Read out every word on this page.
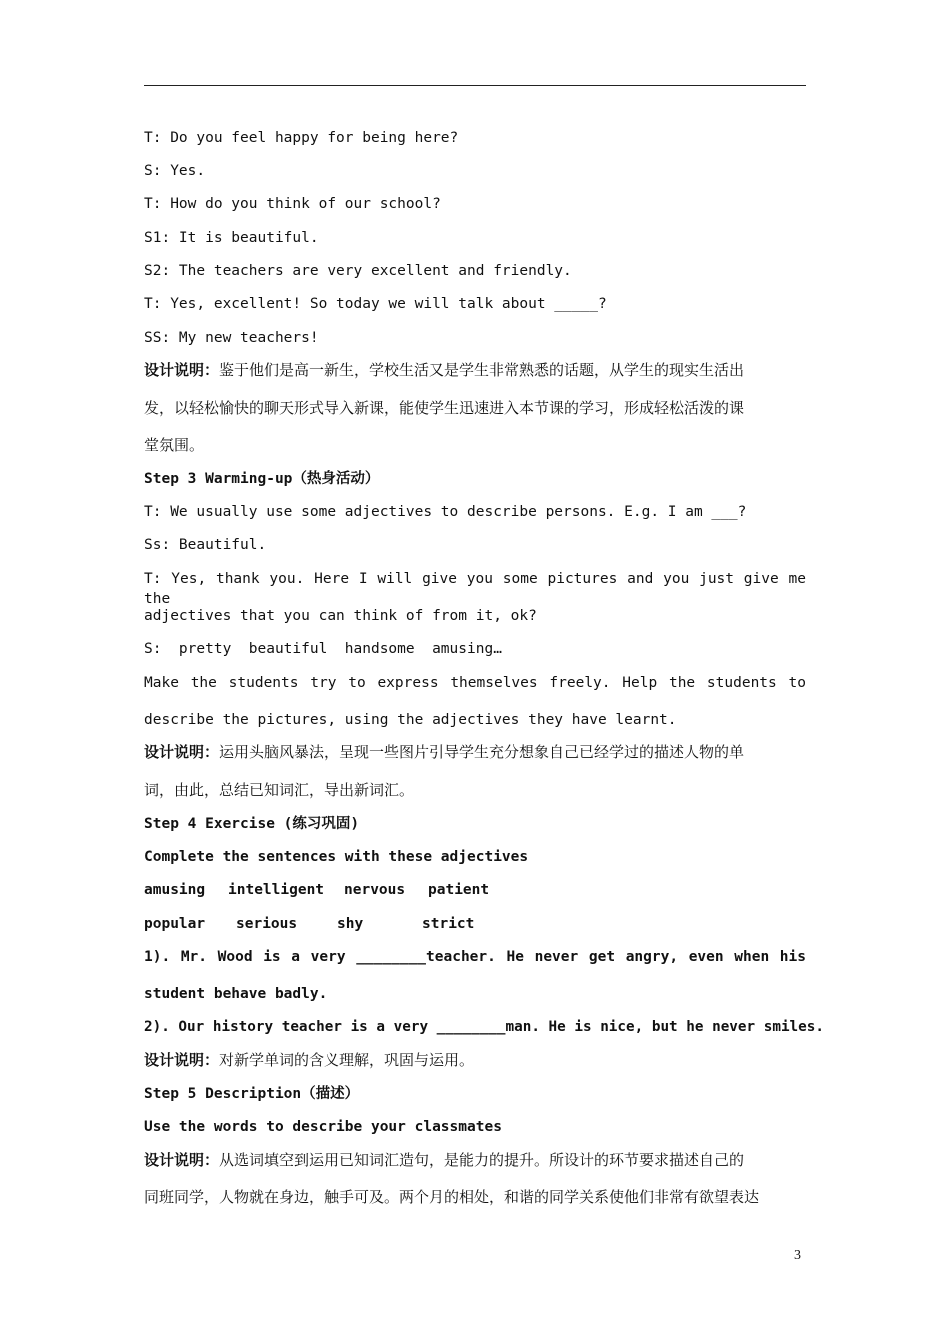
T: Do you feel happy for being here?
S: Yes.
T: How do you think of our school?
S1: It is beautiful.
S2: The teachers are very excellent and friendly.
T: Yes, excellent! So today we will talk about _____?
SS: My new teachers!
设计说明：鉴于他们是高一新生，学校生活又是学生非常熟悉的话题，从学生的现实生活出
发，以轻松愉快的聊天形式导入新课，能使学生迅速进入本节课的学习，形成轻松活泼的课
堂氛围。
Step 3 Warming-up（热身活动）
T: We usually use some adjectives to describe persons. E.g. I am ___?
Ss: Beautiful.
T: Yes, thank you. Here I will give you some pictures and you just give me the
adjectives that you can think of from it, ok?
S:  pretty  beautiful  handsome  amusing…
Make the students try to express themselves freely. Help the students to
describe the pictures, using the adjectives they have learnt.
设计说明：运用头脑风暴法，呈现一些图片引导学生充分想象自己已经学过的描述人物的单
词，由此，总结已知词汇，导出新词汇。
Step 4 Exercise (练习巩固)
Complete the sentences with these adjectives
amusing intelligent nervous patient
popular serious	shy	strict
1). Mr. Wood is a very ________teacher. He never get angry, even when his
student behave badly.
2). Our history teacher is a very ________man. He is nice, but he never smiles.
设计说明：对新学单词的含义理解，巩固与运用。
Step 5 Description（描述）
Use the words to describe your classmates
设计说明：从选词填空到运用已知词汇造句，是能力的提升。所设计的环节要求描述自己的
同班同学，人物就在身边，触手可及。两个月的相处，和谐的同学关系使他们非常有欲望表达
3
